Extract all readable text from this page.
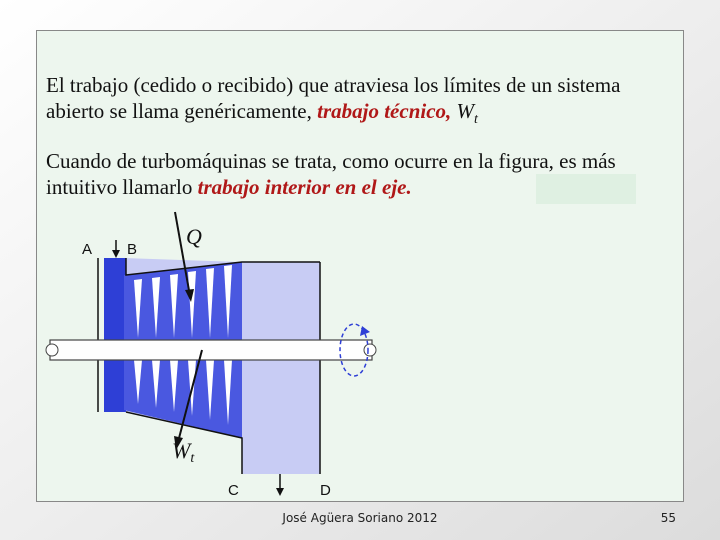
El trabajo (cedido o recibido) que atraviesa los límites de un sistema abierto se llama genéricamente, trabajo técnico, $W_t$

Cuando de turbomáquinas se trata, como ocurre en la figura, es más intuitivo llamarlo trabajo interior en el eje.

A B
C	D
Q
Wt
José Agüera Soriano 2012	55
